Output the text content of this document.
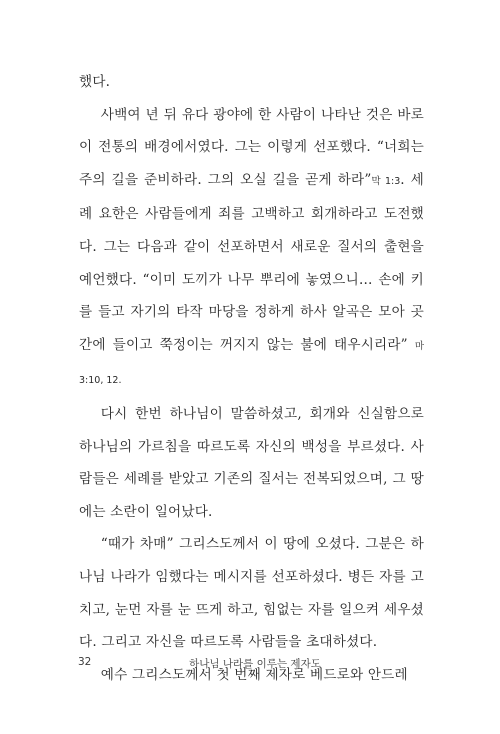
했다.

사백여 년 뒤 유다 광야에 한 사람이 나타난 것은 바로 이 전통의 배경에서였다. 그는 이렇게 선포했다. “너희는 주의 길을 준비하라. 그의 오실 길을 곧게 하라”막 1:3. 세례 요한은 사람들에게 죄를 고백하고 회개하라고 도전했다. 그는 다음과 같이 선포하면서 새로운 질서의 출현을 예언했다. “이미 도끼가 나무 뿌리에 놓였으니… 손에 키를 들고 자기의 타작 마당을 정하게 하사 알곡은 모아 곳간에 들이고 쭉정이는 꺼지지 않는 불에 태우시리라” 마 3:10, 12.

다시 한번 하나님이 말씀하셨고, 회개와 신실함으로 하나님의 가르침을 따르도록 자신의 백성을 부르셨다. 사람들은 세례를 받았고 기존의 질서는 전복되었으며, 그 땅에는 소란이 일어났다.

“때가 차매” 그리스도께서 이 땅에 오셨다. 그분은 하나님 나라가 임했다는 메시지를 선포하셨다. 병든 자를 고치고, 눈먼 자를 눈 뜨게 하고, 힘없는 자를 일으켜 세우셨다. 그리고 자신을 따르도록 사람들을 초대하셨다.

예수 그리스도께서 첫 번째 제자로 베드로와 안드레

32	하나님 나라를 이루는 제자도
